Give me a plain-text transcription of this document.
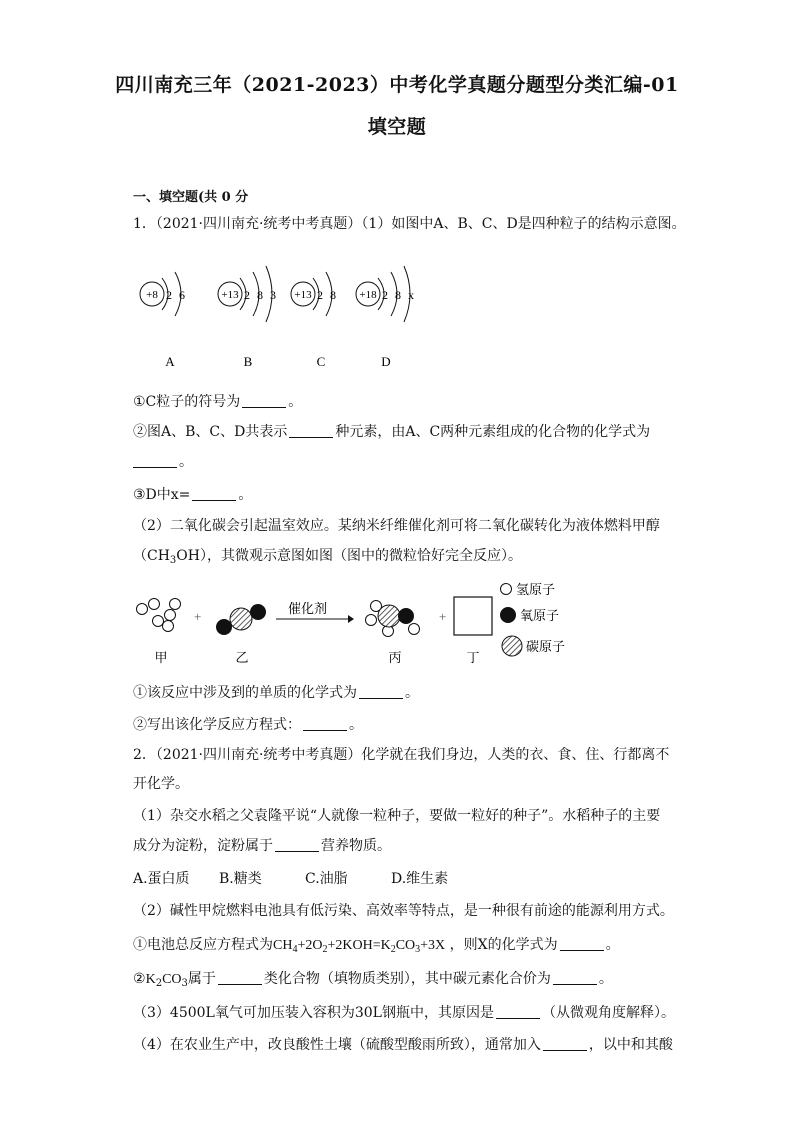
四川南充三年（2021-2023）中考化学真题分题型分类汇编-01
填空题
一、填空题(共 0 分
1．（2021·四川南充·统考中考真题）（1）如图中A、B、C、D是四种粒子的结构示意图。
+8 2 6
A
+13 2 8 3
B
+13 2 8
C
+18 2 8 x
D
①C粒子的符号为	。
②图A、B、C、D共表示	种元素，由A、C两种元素组成的化合物的化学式为
。
③D中x=	。
（2）二氧化碳会引起温室效应。某纳米纤维催化剂可将二氧化碳转化为液体燃料甲醇
$(CH_3OH)$，其微观示意图如图（图中的微粒恰好完全反应）。
+
催化剂
+
甲	乙	丙	丁
氢原子
氧原子
碳原子
①该反应中涉及到的单质的化学式为	。
②写出该化学反应方程式：	。
2．（2021·四川南充·统考中考真题）化学就在我们身边，人类的衣、食、住、行都离不
开化学。
（1）杂交水稻之父袁隆平说“人就像一粒种子，要做一粒好的种子”。水稻种子的主要
成分为淀粉，淀粉属于	营养物质。
A.蛋白质 B.糖类	C.油脂	D.维生素
（2）碱性甲烷燃料电池具有低污染、高效率等特点，是一种很有前途的能源利用方式。
①电池总反应方程式为$CH_4+2O_2+2KOH=K_2CO_3+3X$ ，则X的化学式为	。
$②K_2CO_3$属于	类化合物（填物质类别），其中碳元素化合价为	。
（3）4500L氧气可加压装入容积为30L钢瓶中，其原因是	（从微观角度解释）。
（4）在农业生产中，改良酸性土壤（硫酸型酸雨所致），通常加入	，以中和其酸
